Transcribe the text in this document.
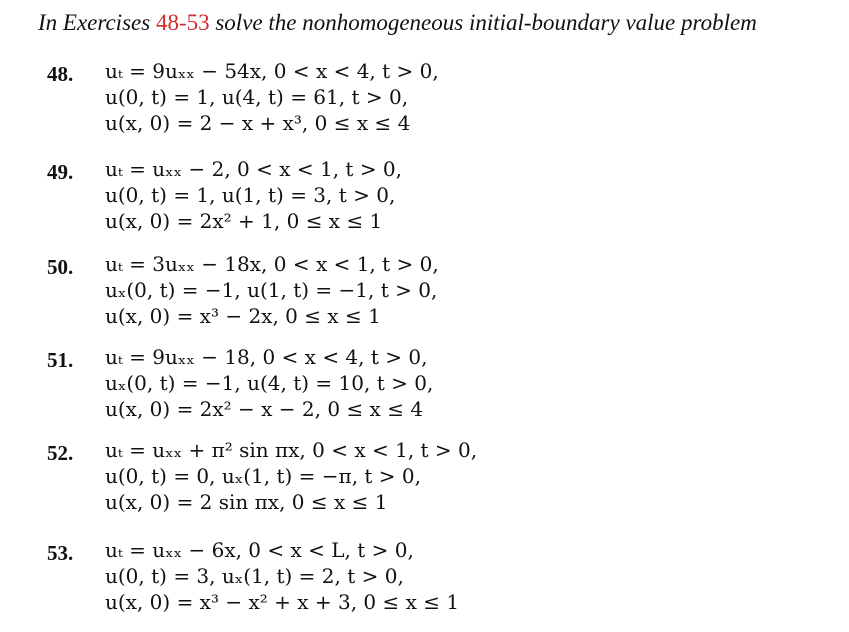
In Exercises 48-53 solve the nonhomogeneous initial-boundary value problem
48. uₜ = 9uₓₓ − 54x, 0 < x < 4, t > 0,
u(0, t) = 1, u(4, t) = 61, t > 0,
u(x, 0) = 2 − x + x³, 0 ≤ x ≤ 4
49. uₜ = uₓₓ − 2, 0 < x < 1, t > 0,
u(0, t) = 1, u(1, t) = 3, t > 0,
u(x, 0) = 2x² + 1, 0 ≤ x ≤ 1
50. uₜ = 3uₓₓ − 18x, 0 < x < 1, t > 0,
uₓ(0, t) = −1, u(1, t) = −1, t > 0,
u(x, 0) = x³ − 2x, 0 ≤ x ≤ 1
51. uₜ = 9uₓₓ − 18, 0 < x < 4, t > 0,
uₓ(0, t) = −1, u(4, t) = 10, t > 0,
u(x, 0) = 2x² − x − 2, 0 ≤ x ≤ 4
52. uₜ = uₓₓ + π² sin πx, 0 < x < 1, t > 0,
u(0, t) = 0, uₓ(1, t) = −π, t > 0,
u(x, 0) = 2 sin πx, 0 ≤ x ≤ 1
53. uₜ = uₓₓ − 6x, 0 < x < L, t > 0,
u(0, t) = 3, uₓ(1, t) = 2, t > 0,
u(x, 0) = x³ − x² + x + 3, 0 ≤ x ≤ 1
